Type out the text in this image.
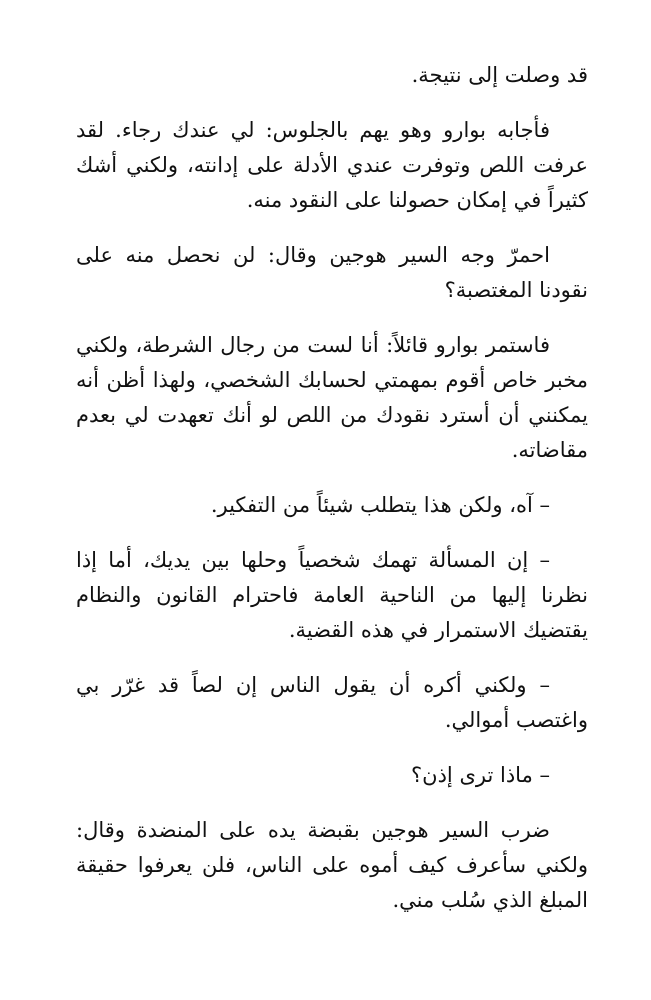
قد وصلت إلى نتيجة.

فأجابه بوارو وهو يهم بالجلوس: لي عندك رجاء. لقد عرفت اللص وتوفرت عندي الأدلة على إدانته، ولكني أشك كثيراً في إمكان حصولنا على النقود منه.

احمرّ وجه السير هوجين وقال: لن نحصل منه على نقودنا المغتصبة؟

فاستمر بوارو قائلاً: أنا لست من رجال الشرطة، ولكني مخبر خاص أقوم بمهمتي لحسابك الشخصي، ولهذا أظن أنه يمكنني أن أسترد نقودك من اللص لو أنك تعهدت لي بعدم مقاضاته.

– آه، ولكن هذا يتطلب شيئاً من التفكير.

– إن المسألة تهمك شخصياً وحلها بين يديك، أما إذا نظرنا إليها من الناحية العامة فاحترام القانون والنظام يقتضيك الاستمرار في هذه القضية.

– ولكني أكره أن يقول الناس إن لصاً قد غرّر بي واغتصب أموالي.

– ماذا ترى إذن؟

ضرب السير هوجين بقبضة يده على المنضدة وقال: ولكني سأعرف كيف أموه على الناس، فلن يعرفوا حقيقة المبلغ الذي سُلب مني.
